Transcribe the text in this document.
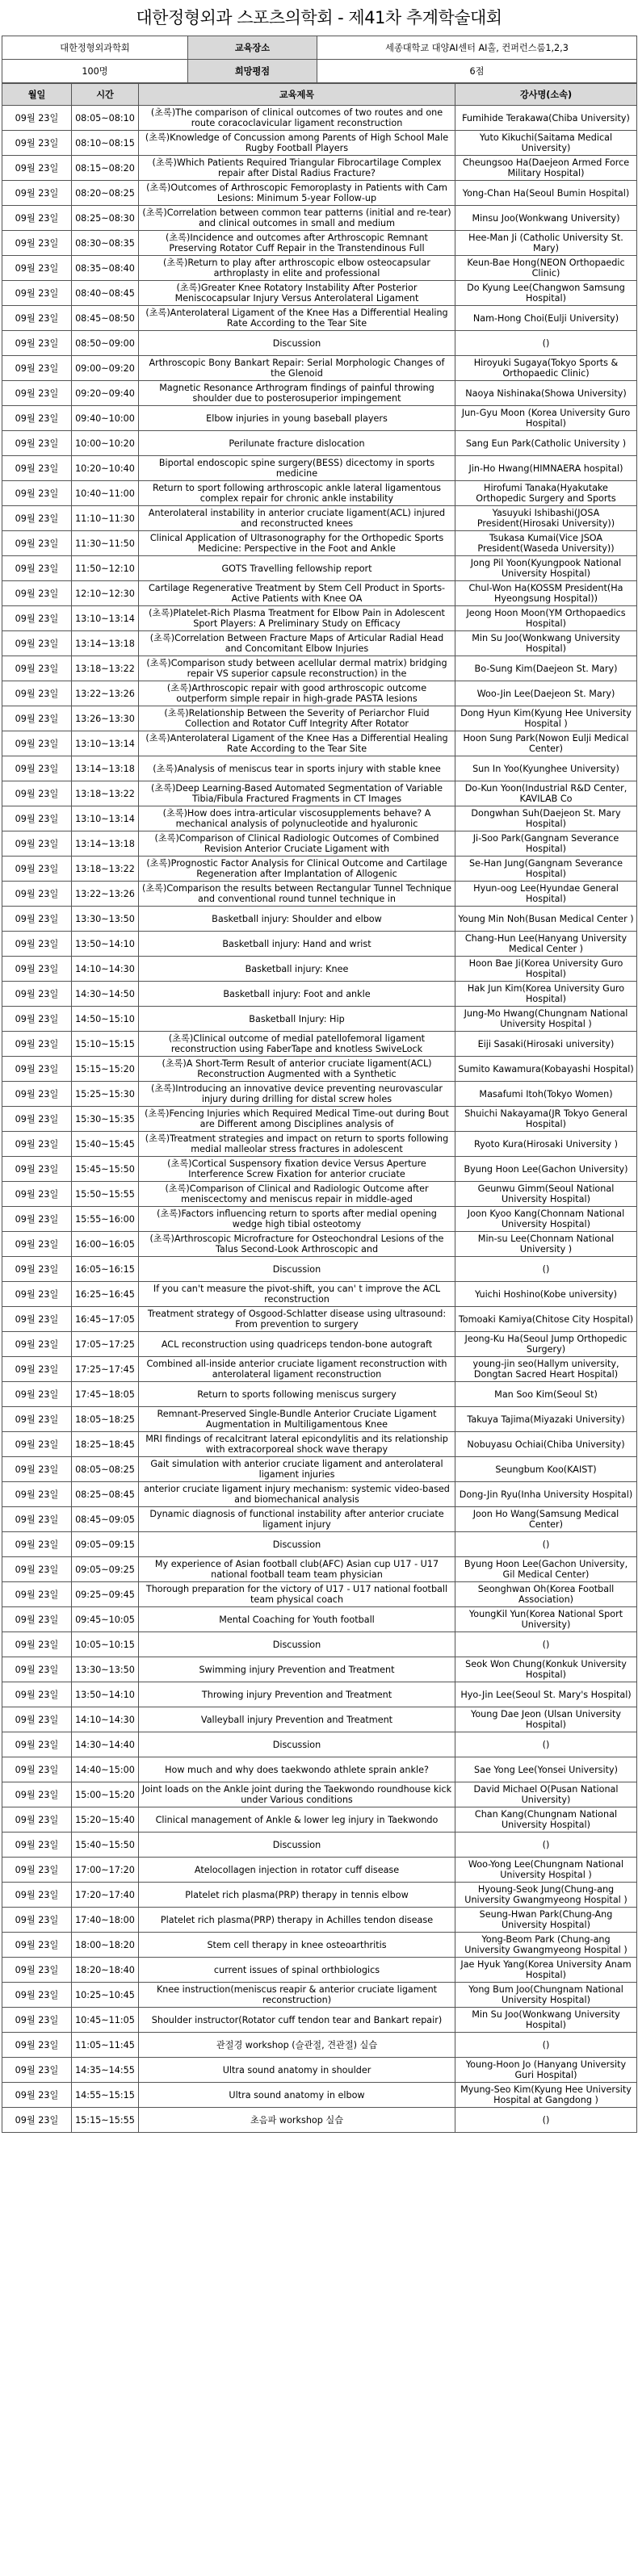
대한정형외과 스포츠의학회 - 제41차 추계학술대회
대한정형외과학회	교육장소	세종대학교 대양AI센터 AI홀, 컨퍼런스룸1,2,3
100명	희망평점	6점
월일	시간	교육제목	강사명(소속)
09월 23일	08:05~08:10	(초록)The comparison of clinical outcomes of two routes and one route coracoclavicular ligament reconstruction	Fumihide Terakawa(Chiba University)
09월 23일	08:10~08:15	(초록)Knowledge of Concussion among Parents of High School Male Rugby Football Players	Yuto Kikuchi(Saitama Medical University)
09월 23일	08:15~08:20	(초록)Which Patients Required Triangular Fibrocartilage Complex repair after Distal Radius Fracture?	Cheungsoo Ha(Daejeon Armed Force Military Hospital)
09월 23일	08:20~08:25	(초록)Outcomes of Arthroscopic Femoroplasty in Patients with Cam Lesions: Minimum 5-year Follow-up	Yong-Chan Ha(Seoul Bumin Hospital)
09월 23일	08:25~08:30	(초록)Correlation between common tear patterns (initial and re-tear) and clinical outcomes in small and medium	Minsu Joo(Wonkwang University)
09월 23일	08:30~08:35	(초록)Incidence and outcomes after Arthroscopic Remnant Preserving Rotator Cuff Repair in the Transtendinous Full	Hee-Man Ji (Catholic University St. Mary)
09월 23일	08:35~08:40	(초록)Return to play after arthroscopic elbow osteocapsular arthroplasty in elite and professional	Keun-Bae Hong(NEON Orthopaedic Clinic)
09월 23일	08:40~08:45	(초록)Greater Knee Rotatory Instability After Posterior Meniscocapsular Injury Versus Anterolateral Ligament	Do Kyung Lee(Changwon Samsung Hospital)
09월 23일	08:45~08:50	(초록)Anterolateral Ligament of the Knee Has a Differential Healing Rate According to the Tear Site	Nam-Hong Choi(Eulji University)
09월 23일	08:50~09:00	Discussion	()
09월 23일	09:00~09:20	Arthroscopic Bony Bankart Repair: Serial Morphologic Changes of the Glenoid	Hiroyuki Sugaya(Tokyo Sports & Orthopaedic Clinic)
09월 23일	09:20~09:40	Magnetic Resonance Arthrogram findings of painful throwing shoulder due to posterosuperior impingement	Naoya Nishinaka(Showa University)
09월 23일	09:40~10:00	Elbow injuries in young baseball players	Jun-Gyu Moon (Korea University Guro Hospital)
09월 23일	10:00~10:20	Perilunate fracture dislocation	Sang Eun Park(Catholic University )
09월 23일	10:20~10:40	Biportal endoscopic spine surgery(BESS) dicectomy in sports medicine	Jin-Ho Hwang(HIMNAERA hospital)
09월 23일	10:40~11:00	Return to sport following arthroscopic ankle lateral ligamentous complex repair for chronic ankle instability	Hirofumi Tanaka(Hyakutake Orthopedic Surgery and Sports
09월 23일	11:10~11:30	Anterolateral instability in anterior cruciate ligament(ACL) injured and reconstructed knees	Yasuyuki Ishibashi(JOSA President(Hirosaki University))
09월 23일	11:30~11:50	Clinical Application of Ultrasonography for the Orthopedic Sports Medicine: Perspective in the Foot and Ankle	Tsukasa Kumai(Vice JSOA President(Waseda University))
09월 23일	11:50~12:10	GOTS Travelling fellowship report	Jong Pil Yoon(Kyungpook National University Hospital)
09월 23일	12:10~12:30	Cartilage Regenerative Treatment by Stem Cell Product in Sports-Active Patients with Knee OA	Chul-Won Ha(KOSSM President(Ha Hyeongsung Hospital))
09월 23일	13:10~13:14	(초록)Platelet-Rich Plasma Treatment for Elbow Pain in Adolescent Sport Players: A Preliminary Study on Efficacy	Jeong Hoon Moon(YM Orthopaedics Hospital)
09월 23일	13:14~13:18	(초록)Correlation Between Fracture Maps of Articular Radial Head and Concomitant Elbow Injuries	Min Su Joo(Wonkwang University Hospital)
09월 23일	13:18~13:22	(초록)Comparison study between acellular dermal matrix) bridging repair VS superior capsule reconstruction) in the	Bo-Sung Kim(Daejeon St. Mary)
09월 23일	13:22~13:26	(초록)Arthroscopic repair with good arthroscopic outcome outperform simple repair in high-grade PASTA lesions	Woo-Jin Lee(Daejeon St. Mary)
09월 23일	13:26~13:30	(초록)Relationship Between the Severity of Periarchor Fluid Collection and Rotator Cuff Integrity After Rotator	Dong Hyun Kim(Kyung Hee University Hospital )
09월 23일	13:10~13:14	(초록)Anterolateral Ligament of the Knee Has a Differential Healing Rate According to the Tear Site	Hoon Sung Park(Nowon Eulji Medical Center)
09월 23일	13:14~13:18	(초록)Analysis of meniscus tear in sports injury with stable knee	Sun In Yoo(Kyunghee University)
09월 23일	13:18~13:22	(초록)Deep Learning-Based Automated Segmentation of Variable Tibia/Fibula Fractured Fragments in CT Images	Do-Kun Yoon(Industrial R&D Center, KAVILAB Co
09월 23일	13:10~13:14	(초록)How does intra-articular viscosupplements behave? A mechanical analysis of polynucleotide and hyaluronic	Dongwhan Suh(Daejeon St. Mary Hospital)
09월 23일	13:14~13:18	(초록)Comparison of Clinical Radiologic Outcomes of Combined Revision Anterior Cruciate Ligament with	Ji-Soo Park(Gangnam Severance Hospital)
09월 23일	13:18~13:22	(초록)Prognostic Factor Analysis for Clinical Outcome and Cartilage Regeneration after Implantation of Allogenic	Se-Han Jung(Gangnam Severance Hospital)
09월 23일	13:22~13:26	(초록)Comparison the results between Rectangular Tunnel Technique and conventional round tunnel technique in	Hyun-oog Lee(Hyundae General Hospital)
09월 23일	13:30~13:50	Basketball injury: Shoulder and elbow	Young Min Noh(Busan Medical Center )
09월 23일	13:50~14:10	Basketball injury: Hand and wrist	Chang-Hun Lee(Hanyang University Medical Center )
09월 23일	14:10~14:30	Basketball injury: Knee	Hoon Bae Ji(Korea University Guro Hospital)
09월 23일	14:30~14:50	Basketball injury: Foot and ankle	Hak Jun Kim(Korea University Guro Hospital)
09월 23일	14:50~15:10	Basketball Injury: Hip	Jung-Mo Hwang(Chungnam National University Hospital )
09월 23일	15:10~15:15	(초록)Clinical outcome of medial patellofemoral ligament reconstruction using FaberTape and knotless SwiveLock	Eiji Sasaki(Hirosaki university)
09월 23일	15:15~15:20	(초록)A Short-Term Result of anterior cruciate ligament(ACL) Reconstruction Augmented with a Synthetic	Sumito Kawamura(Kobayashi Hospital)
09월 23일	15:25~15:30	(초록)Introducing an innovative device preventing neurovascular injury during drilling for distal screw holes	Masafumi Itoh(Tokyo Women)
09월 23일	15:30~15:35	(초록)Fencing Injuries which Required Medical Time-out during Bout are Different among Disciplines analysis of	Shuichi Nakayama(JR Tokyo General Hospital)
09월 23일	15:40~15:45	(초록)Treatment strategies and impact on return to sports following medial malleolar stress fractures in adolescent	Ryoto Kura(Hirosaki University )
09월 23일	15:45~15:50	(초록)Cortical Suspensory fixation device Versus Aperture Interference Screw Fixation for anterior cruciate	Byung Hoon Lee(Gachon University)
09월 23일	15:50~15:55	(초록)Comparison of Clinical and Radiologic Outcome after meniscectomy and meniscus repair in middle-aged	Geunwu Gimm(Seoul National University Hospital)
09월 23일	15:55~16:00	(초록)Factors influencing return to sports after medial opening wedge high tibial osteotomy	Joon Kyoo Kang(Chonnam National University Hospital)
09월 23일	16:00~16:05	(초록)Arthroscopic Microfracture for Osteochondral Lesions of the Talus Second-Look Arthroscopic and	Min-su Lee(Chonnam National University )
09월 23일	16:05~16:15	Discussion	()
09월 23일	16:25~16:45	If you can't measure the pivot-shift, you can' t improve the ACL reconstruction	Yuichi Hoshino(Kobe university)
09월 23일	16:45~17:05	Treatment strategy of Osgood-Schlatter disease using ultrasound: From prevention to surgery	Tomoaki Kamiya(Chitose City Hospital)
09월 23일	17:05~17:25	ACL reconstruction using quadriceps tendon-bone autograft	Jeong-Ku Ha(Seoul Jump Orthopedic Surgery)
09월 23일	17:25~17:45	Combined all-inside anterior cruciate ligament reconstruction with anterolateral ligament reconstruction	young-jin seo(Hallym university, Dongtan Sacred Heart Hospital)
09월 23일	17:45~18:05	Return to sports following meniscus surgery	Man Soo Kim(Seoul St)
09월 23일	18:05~18:25	Remnant-Preserved Single-Bundle Anterior Cruciate Ligament Augmentation in Multiligamentous Knee	Takuya Tajima(Miyazaki University)
09월 23일	18:25~18:45	MRI findings of recalcitrant lateral epicondylitis and its relationship with extracorporeal shock wave therapy	Nobuyasu Ochiai(Chiba University)
09월 23일	08:05~08:25	Gait simulation with anterior cruciate ligament and anterolateral ligament injuries	Seungbum Koo(KAIST)
09월 23일	08:25~08:45	anterior cruciate ligament injury mechanism: systemic video-based and biomechanical analysis	Dong-Jin Ryu(Inha University Hospital)
09월 23일	08:45~09:05	Dynamic diagnosis of functional instability after anterior cruciate ligament injury	Joon Ho Wang(Samsung Medical Center)
09월 23일	09:05~09:15	Discussion	()
09월 23일	09:05~09:25	My experience of Asian football club(AFC) Asian cup U17 - U17 national football team team physician	Byung Hoon Lee(Gachon University, Gil Medical Center)
09월 23일	09:25~09:45	Thorough preparation for the victory of U17 - U17 national football team physical coach	Seonghwan Oh(Korea Football Association)
09월 23일	09:45~10:05	Mental Coaching for Youth football	YoungKil Yun(Korea National Sport University)
09월 23일	10:05~10:15	Discussion	()
09월 23일	13:30~13:50	Swimming injury Prevention and Treatment	Seok Won Chung(Konkuk University Hospital)
09월 23일	13:50~14:10	Throwing injury Prevention and Treatment	Hyo-Jin Lee(Seoul St. Mary's Hospital)
09월 23일	14:10~14:30	Valleyball injury Prevention and Treatment	Young Dae Jeon (Ulsan University Hospital)
09월 23일	14:30~14:40	Discussion	()
09월 23일	14:40~15:00	How much and why does taekwondo athlete sprain ankle?	Sae Yong Lee(Yonsei University)
09월 23일	15:00~15:20	Joint loads on the Ankle joint during the Taekwondo roundhouse kick under Various conditions	David Michael O(Pusan National University)
09월 23일	15:20~15:40	Clinical management of Ankle & lower leg injury in Taekwondo	Chan Kang(Chungnam National University Hospital)
09월 23일	15:40~15:50	Discussion	()
09월 23일	17:00~17:20	Atelocollagen injection in rotator cuff disease	Woo-Yong Lee(Chungnam National University Hospital )
09월 23일	17:20~17:40	Platelet rich plasma(PRP) therapy in tennis elbow	Hyoung-Seok Jung(Chung-ang University Gwangmyeong Hospital )
09월 23일	17:40~18:00	Platelet rich plasma(PRP) therapy in Achilles tendon disease	Seung-Hwan Park(Chung-Ang University Hospital)
09월 23일	18:00~18:20	Stem cell therapy in knee osteoarthritis	Yong-Beom Park (Chung-ang University Gwangmyeong Hospital )
09월 23일	18:20~18:40	current issues of spinal orthbiologics	Jae Hyuk Yang(Korea University Anam Hospital)
09월 23일	10:25~10:45	Knee instruction(meniscus reapir & anterior cruciate ligament reconstruction)	Yong Bum Joo(Chungnam National University Hospital)
09월 23일	10:45~11:05	Shoulder instructor(Rotator cuff tendon tear and Bankart repair)	Min Su Joo(Wonkwang University Hospital)
09월 23일	11:05~11:45	관절경 workshop (슬관절, 견관절) 실습	()
09월 23일	14:35~14:55	Ultra sound anatomy in shoulder	Young-Hoon Jo (Hanyang University Guri Hospital)
09월 23일	14:55~15:15	Ultra sound anatomy in elbow	Myung-Seo Kim(Kyung Hee University Hospital at Gangdong )
09월 23일	15:15~15:55	초음파 workshop 실습	()
